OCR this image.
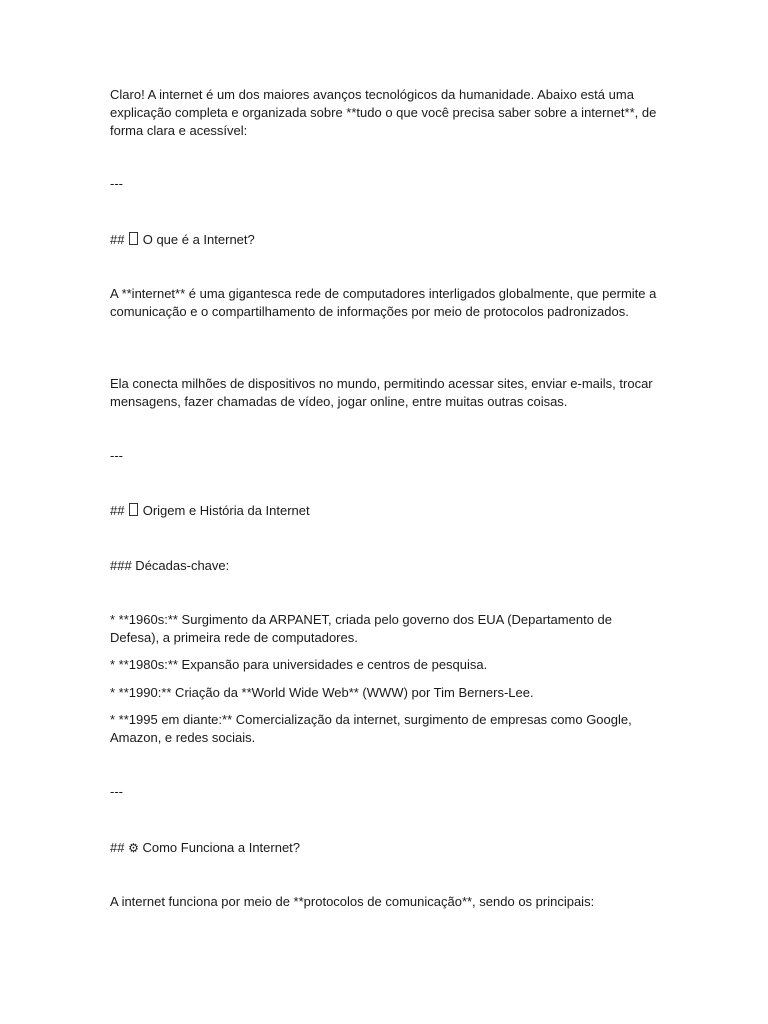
Claro! A internet é um dos maiores avanços tecnológicos da humanidade. Abaixo está uma explicação completa e organizada sobre **tudo o que você precisa saber sobre a internet**, de forma clara e acessível:
---
## O que é a Internet?
A **internet** é uma gigantesca rede de computadores interligados globalmente, que permite a comunicação e o compartilhamento de informações por meio de protocolos padronizados.
Ela conecta milhões de dispositivos no mundo, permitindo acessar sites, enviar e-mails, trocar mensagens, fazer chamadas de vídeo, jogar online, entre muitas outras coisas.
---
## Origem e História da Internet
### Décadas-chave:
* **1960s:** Surgimento da ARPANET, criada pelo governo dos EUA (Departamento de Defesa), a primeira rede de computadores.
* **1980s:** Expansão para universidades e centros de pesquisa.
* **1990:** Criação da **World Wide Web** (WWW) por Tim Berners-Lee.
* **1995 em diante:** Comercialização da internet, surgimento de empresas como Google, Amazon, e redes sociais.
---
## ⚙ Como Funciona a Internet?
A internet funciona por meio de **protocolos de comunicação**, sendo os principais:
